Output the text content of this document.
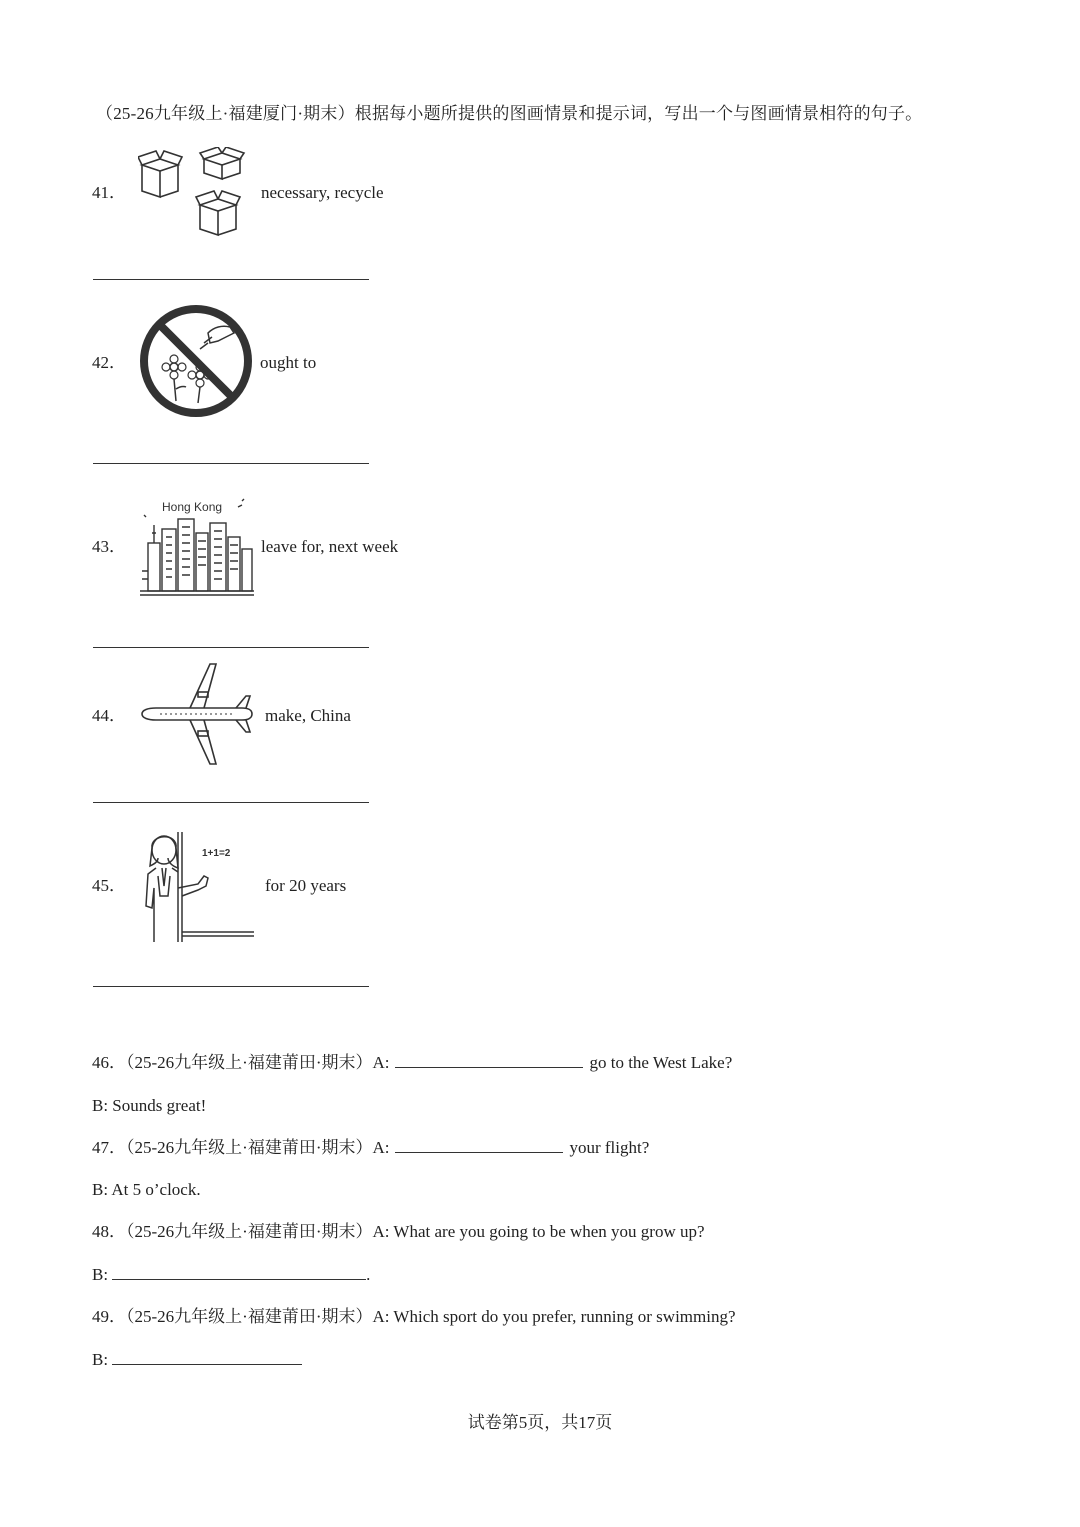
（25-26九年级上·福建厦门·期末）根据每小题所提供的图画情景和提示词，写出一个与图画情景相符的句子。
41．	necessary, recycle
42．	ought to
43．
Hong Kong
leave for, next week
44．	make, China
45．
1+1=2
for 20 years
46．（25-26九年级上·福建莆田·期末）A:	go to the West Lake?
B: Sounds great!
47．（25-26九年级上·福建莆田·期末）A:	your flight?
B: At 5 o’clock.
48．（25-26九年级上·福建莆田·期末）A: What are you going to be when you grow up?
B:	.
49．（25-26九年级上·福建莆田·期末）A: Which sport do you prefer, running or swimming?
B:
试卷第5页，共17页
